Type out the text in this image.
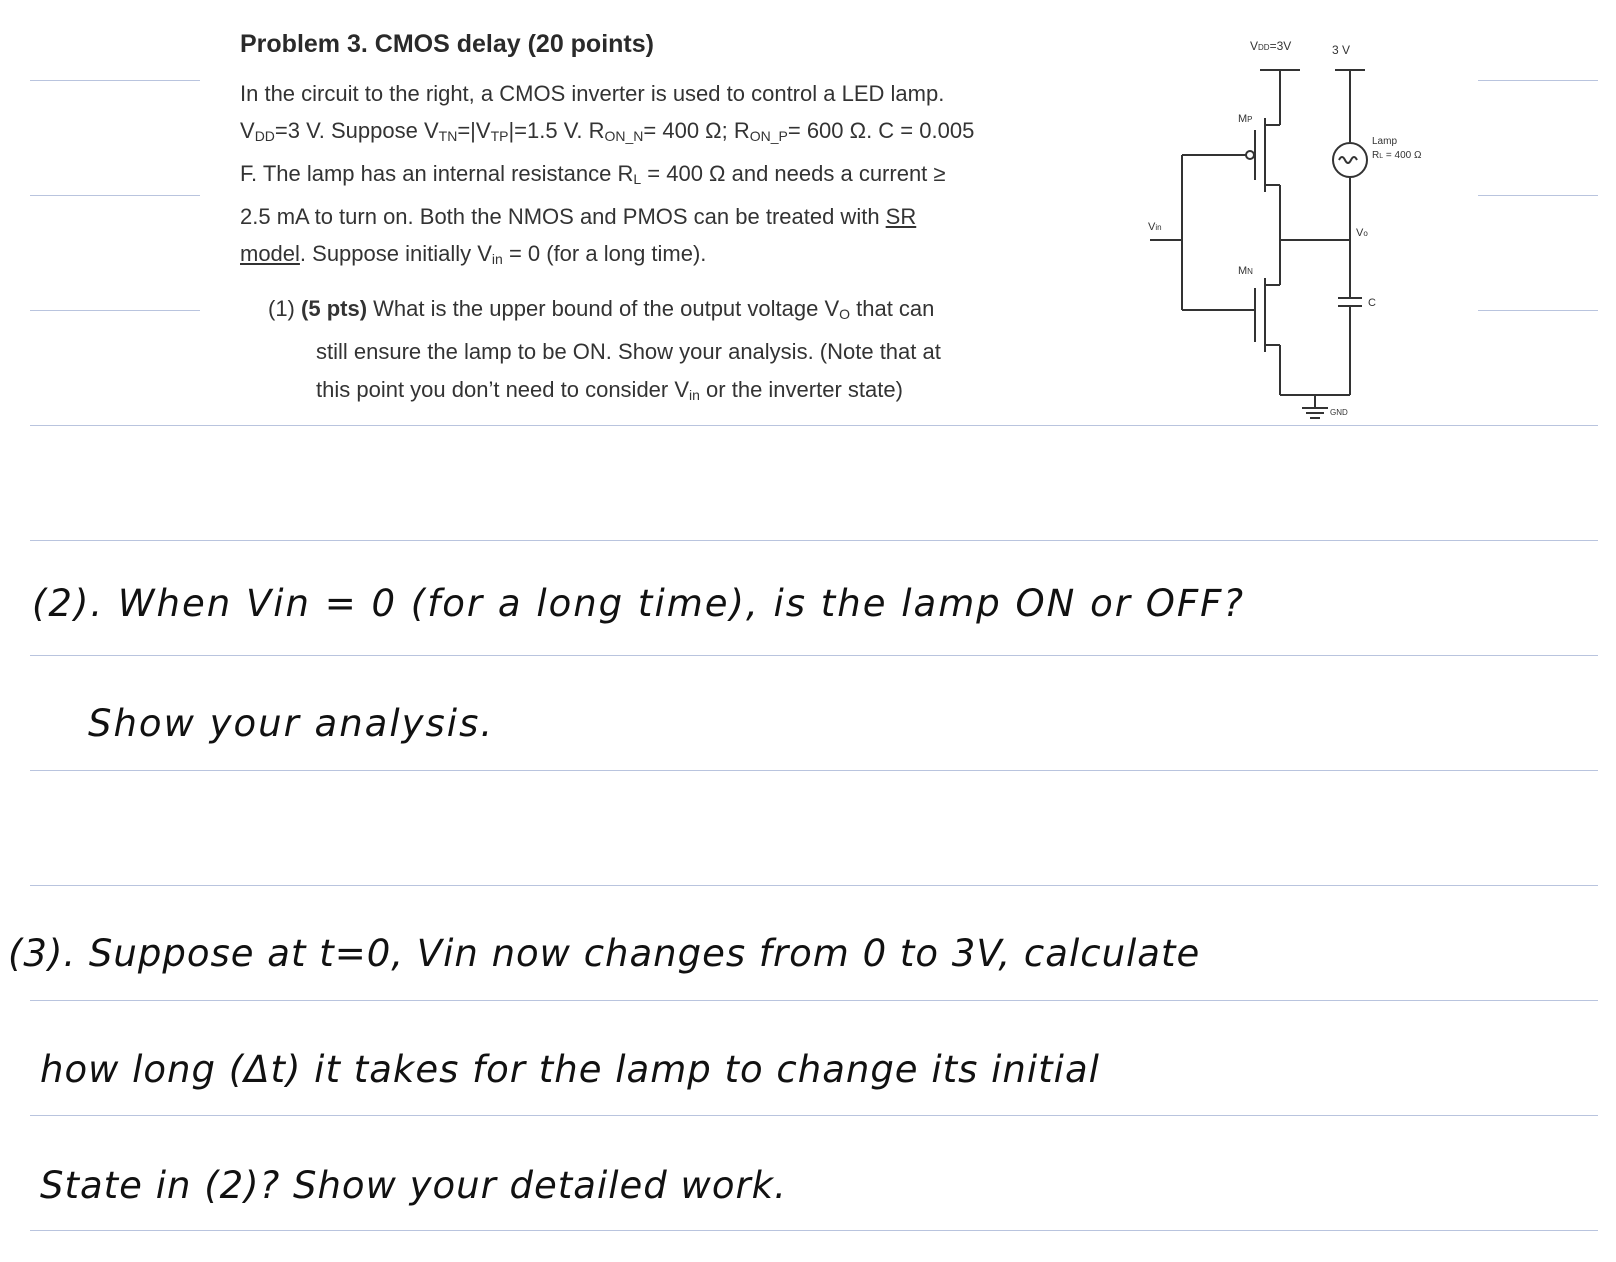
Problem 3. CMOS delay (20 points)
In the circuit to the right, a CMOS inverter is used to control a LED lamp.
$V_{DD}=3$ V. Suppose $V_{TN}=|V_{TP}|=1.5$ V. $R_{ON\_N}= 400$ Ω; $R_{ON\_P}= 600$ Ω. C = 0.005
F. The lamp has an internal resistance $R_L = 400$ Ω and needs a current ≥
2.5 mA to turn on. Both the NMOS and PMOS can be treated with SR
model. Suppose initially $V_{in} = 0$ (for a long time).
(1) (5 pts) What is the upper bound of the output voltage $V_O$ that can
still ensure the lamp to be ON. Show your analysis. (Note that at
this point you don’t need to consider $V_{in}$ or the inverter state)
VDD=3V	3 V
MP
MN
Lamp
RL = 400 Ω
Vin	Vo
C
GND
(2). When Vin = 0 (for a long time), is the lamp ON or OFF?
Show your analysis.
(3). Suppose at t=0, Vin now changes from 0 to 3V, calculate
how long (Δt) it takes for the lamp to change its initial
State in (2)? Show your detailed work.
